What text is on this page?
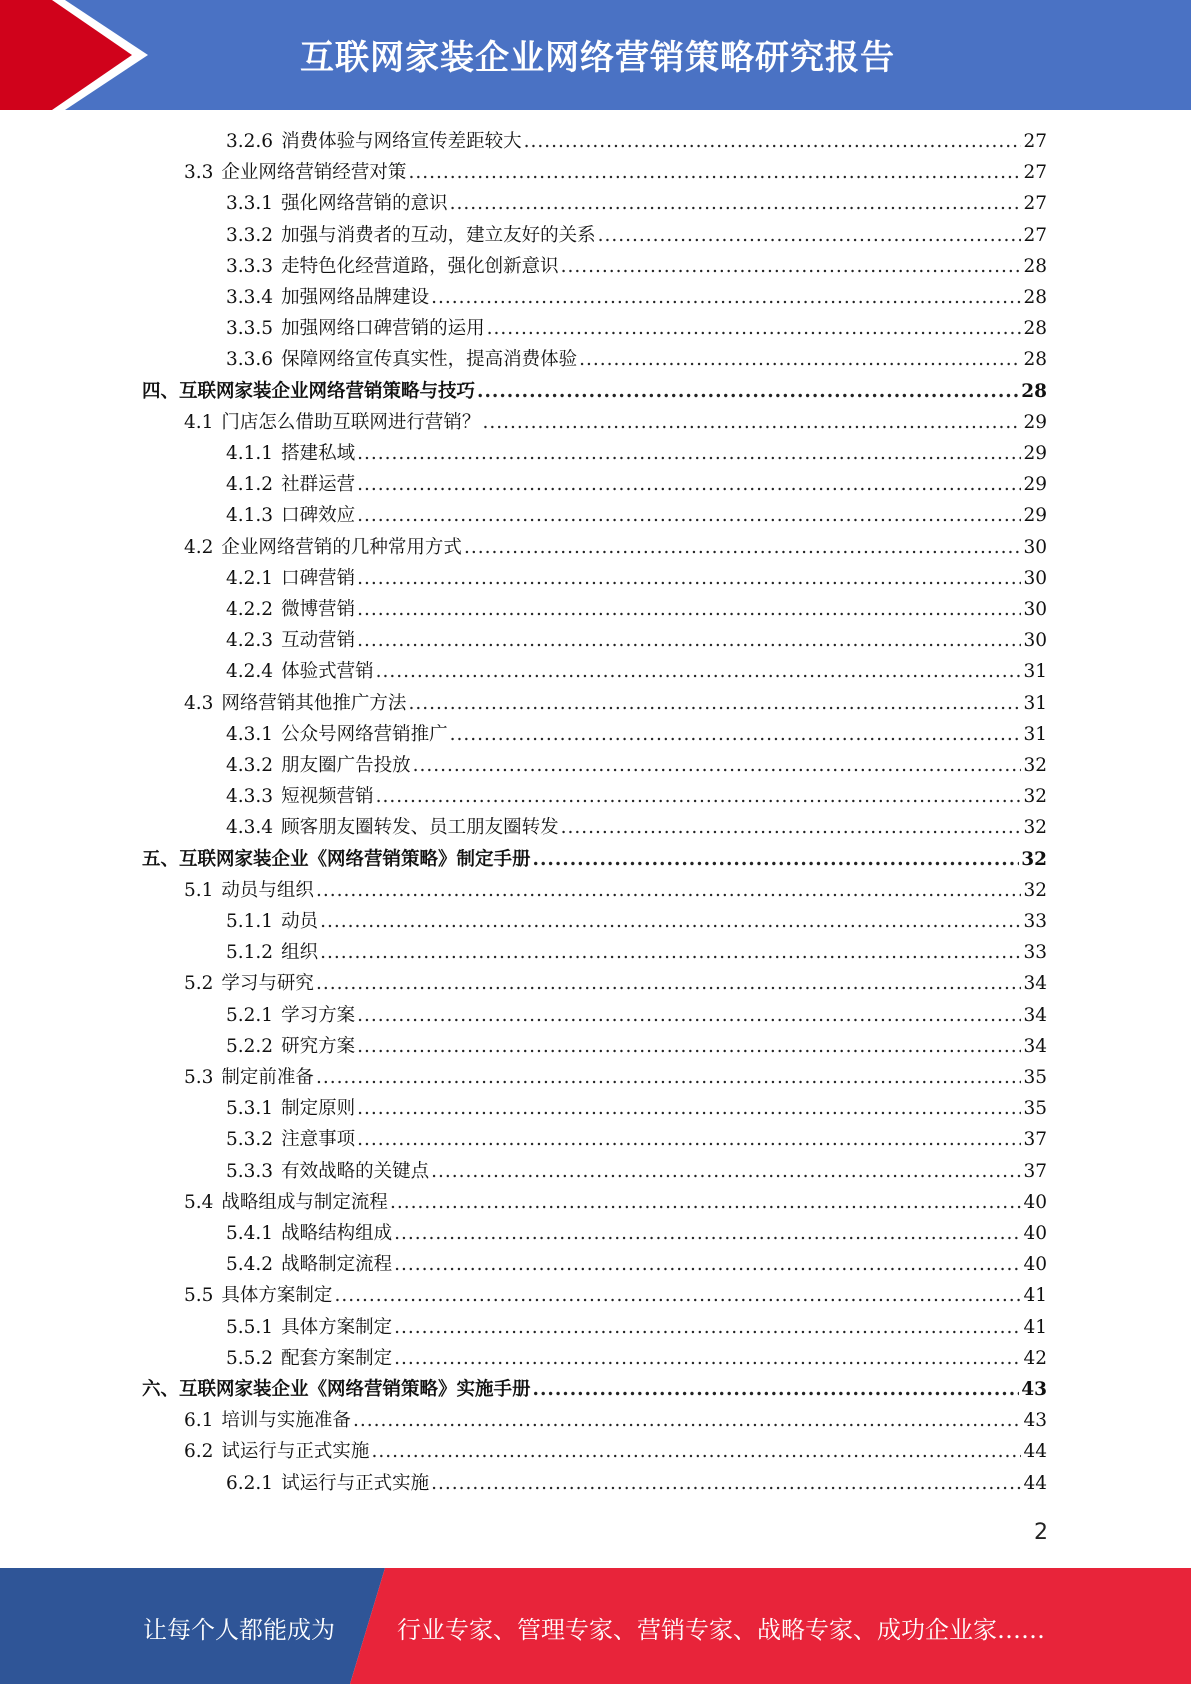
互联网家装企业网络营销策略研究报告
3.2.6 消费体验与网络宣传差距较大 .....	27
3.3 企业网络营销经营对策 .....	27
3.3.1 强化网络营销的意识 .....	27
3.3.2 加强与消费者的互动，建立友好的关系 .....	27
3.3.3 走特色化经营道路，强化创新意识 .....	28
3.3.4 加强网络品牌建设 .....	28
3.3.5 加强网络口碑营销的运用 .....	28
3.3.6 保障网络宣传真实性，提高消费体验 .....	28
四、互联网家装企业网络营销策略与技巧 .....	28
4.1 门店怎么借助互联网进行营销？ .....	29
4.1.1 搭建私域 .....	29
4.1.2 社群运营 .....	29
4.1.3 口碑效应 .....	29
4.2 企业网络营销的几种常用方式 .....	30
4.2.1 口碑营销 .....	30
4.2.2 微博营销 .....	30
4.2.3 互动营销 .....	30
4.2.4 体验式营销 .....	31
4.3 网络营销其他推广方法 .....	31
4.3.1 公众号网络营销推广 .....	31
4.3.2 朋友圈广告投放 .....	32
4.3.3 短视频营销 .....	32
4.3.4 顾客朋友圈转发、员工朋友圈转发 .....	32
五、互联网家装企业《网络营销策略》制定手册 .....	32
5.1 动员与组织 .....	32
5.1.1 动员 .....	33
5.1.2 组织 .....	33
5.2 学习与研究 .....	34
5.2.1 学习方案 .....	34
5.2.2 研究方案 .....	34
5.3 制定前准备 .....	35
5.3.1 制定原则 .....	35
5.3.2 注意事项 .....	37
5.3.3 有效战略的关键点 .....	37
5.4 战略组成与制定流程 .....	40
5.4.1 战略结构组成 .....	40
5.4.2 战略制定流程 .....	40
5.5 具体方案制定 .....	41
5.5.1 具体方案制定 .....	41
5.5.2 配套方案制定 .....	42
六、互联网家装企业《网络营销策略》实施手册 .....	43
6.1 培训与实施准备 .....	43
6.2 试运行与正式实施 .....	44
6.2.1 试运行与正式实施 .....	44
2
让每个人都能成为	行业专家、管理专家、营销专家、战略专家、成功企业家……
